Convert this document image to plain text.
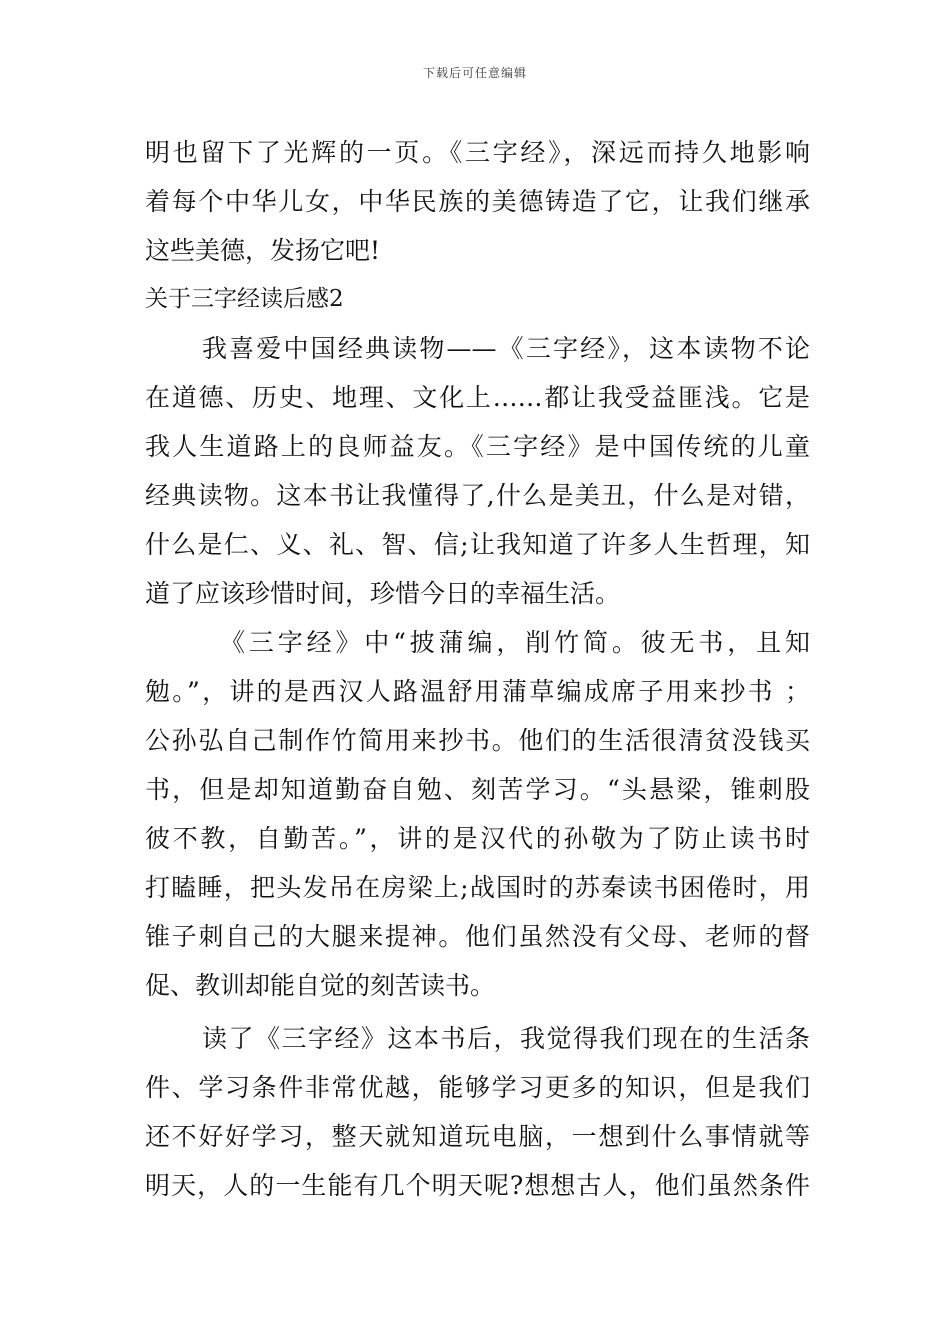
下载后可任意编辑
明也留下了光辉的一页。《三字经》，深远而持久地影响
着每个中华儿女，中华民族的美德铸造了它，让我们继承
这些美德，发扬它吧!
关于三字经读后感2
我喜爱中国经典读物——《三字经》，这本读物不论
在道德、历史、地理、文化上……都让我受益匪浅。它是
我人生道路上的良师益友。《三字经》是中国传统的儿童
经典读物。这本书让我懂得了,什么是美丑，什么是对错，
什么是仁、义、礼、智、信;让我知道了许多人生哲理，知
道了应该珍惜时间，珍惜今日的幸福生活。
《三字经》中“披蒲编，削竹简。彼无书，且知
勉。”，讲的是西汉人路温舒用蒲草编成席子用来抄书 ；
公孙弘自己制作竹简用来抄书。他们的生活很清贫没钱买
书，但是却知道勤奋自勉、刻苦学习。“头悬梁，锥刺股
彼不教，自勤苦。”，讲的是汉代的孙敬为了防止读书时
打瞌睡，把头发吊在房梁上;战国时的苏秦读书困倦时，用
锥子刺自己的大腿来提神。他们虽然没有父母、老师的督
促、教训却能自觉的刻苦读书。
读了《三字经》这本书后，我觉得我们现在的生活条
件、学习条件非常优越，能够学习更多的知识，但是我们
还不好好学习，整天就知道玩电脑，一想到什么事情就等
明天，人的一生能有几个明天呢?想想古人，他们虽然条件
